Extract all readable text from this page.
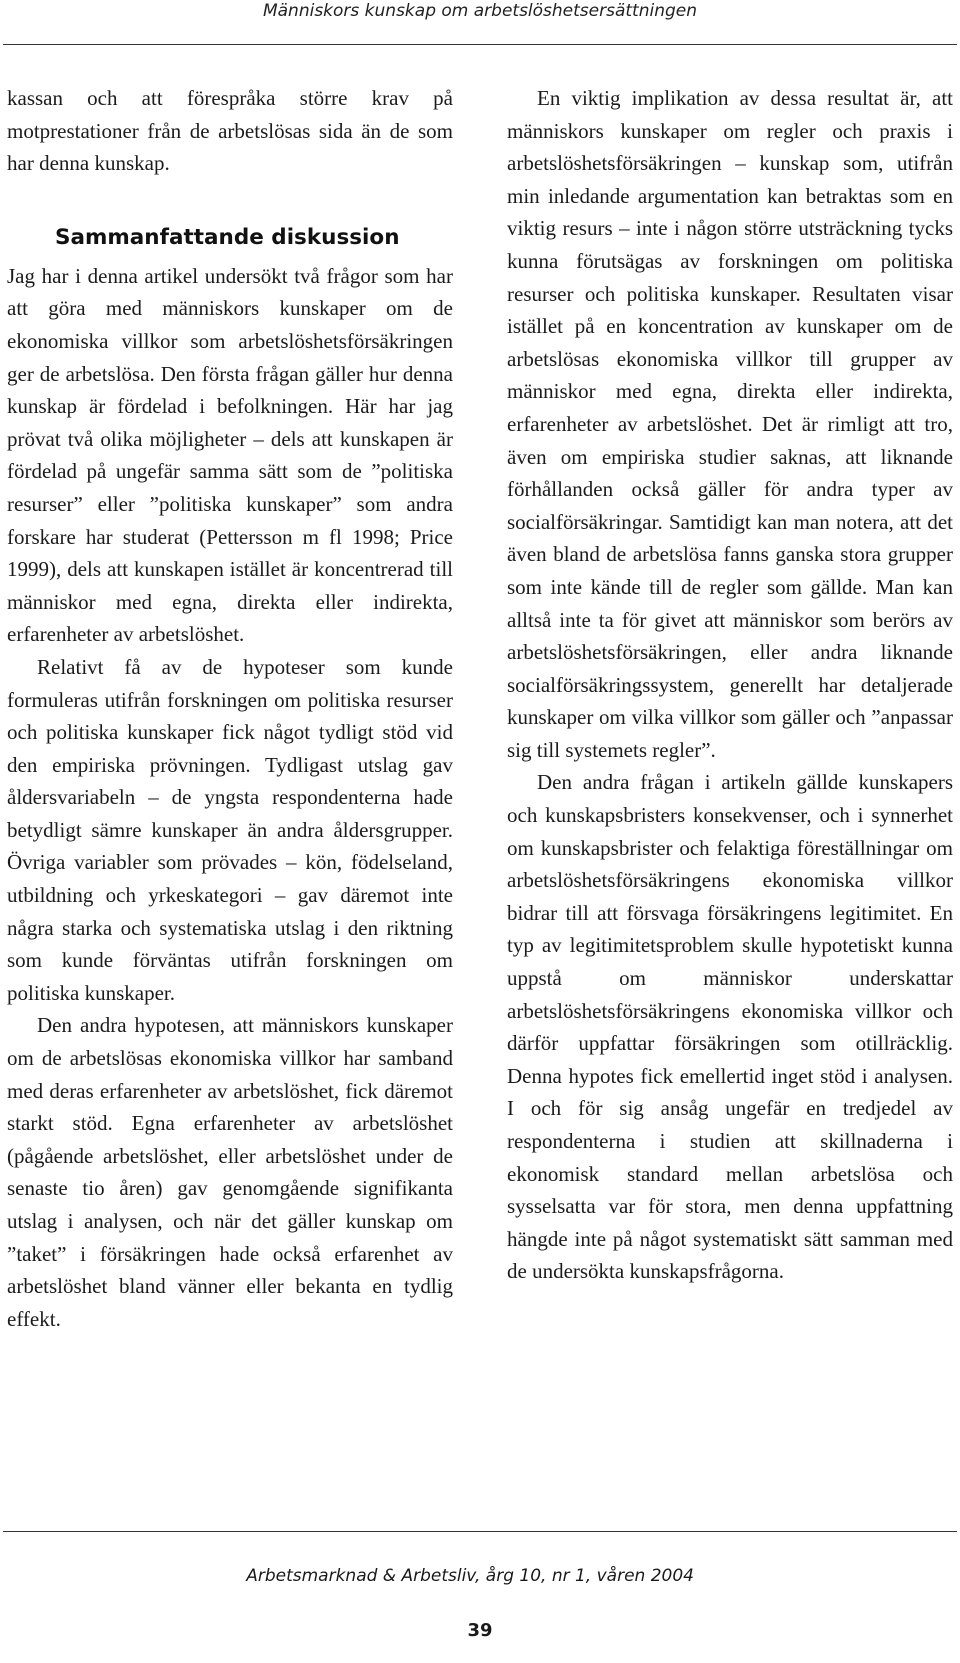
Människors kunskap om arbetslöshetsersättningen

kassan och att förespråka större krav på motprestationer från de arbetslösas sida än de som har denna kunskap.

Sammanfattande diskussion

Jag har i denna artikel undersökt två frågor som har att göra med människors kunskaper om de ekonomiska villkor som arbetslöshetsförsäkringen ger de arbetslösa. Den första frågan gäller hur denna kunskap är fördelad i befolkningen. Här har jag prövat två olika möjligheter – dels att kunskapen är fördelad på ungefär samma sätt som de ”politiska resurser” eller ”politiska kunskaper” som andra forskare har studerat (Pettersson m fl 1998; Price 1999), dels att kunskapen istället är koncentrerad till människor med egna, direkta eller indirekta, erfarenheter av arbetslöshet.

Relativt få av de hypoteser som kunde formuleras utifrån forskningen om politiska resurser och politiska kunskaper fick något tydligt stöd vid den empiriska prövningen. Tydligast utslag gav åldersvariabeln – de yngsta respondenterna hade betydligt sämre kunskaper än andra åldersgrupper. Övriga variabler som prövades – kön, födelseland, utbildning och yrkeskategori – gav däremot inte några starka och systematiska utslag i den riktning som kunde förväntas utifrån forskningen om politiska kunskaper.

Den andra hypotesen, att människors kunskaper om de arbetslösas ekonomiska villkor har samband med deras erfarenheter av arbetslöshet, fick däremot starkt stöd. Egna erfarenheter av arbetslöshet (pågående arbetslöshet, eller arbetslöshet under de senaste tio åren) gav genomgående signifikanta utslag i analysen, och när det gäller kunskap om ”taket” i försäkringen hade också erfarenhet av arbetslöshet bland vänner eller bekanta en tydlig effekt.

En viktig implikation av dessa resultat är, att människors kunskaper om regler och praxis i arbetslöshetsförsäkringen – kunskap som, utifrån min inledande argumentation kan betraktas som en viktig resurs – inte i någon större utsträckning tycks kunna förutsägas av forskningen om politiska resurser och politiska kunskaper. Resultaten visar istället på en koncentration av kunskaper om de arbetslösas ekonomiska villkor till grupper av människor med egna, direkta eller indirekta, erfarenheter av arbetslöshet. Det är rimligt att tro, även om empiriska studier saknas, att liknande förhållanden också gäller för andra typer av socialförsäkringar. Samtidigt kan man notera, att det även bland de arbetslösa fanns ganska stora grupper som inte kände till de regler som gällde. Man kan alltså inte ta för givet att människor som berörs av arbetslöshetsförsäkringen, eller andra liknande socialförsäkringssystem, generellt har detaljerade kunskaper om vilka villkor som gäller och ”anpassar sig till systemets regler”.

Den andra frågan i artikeln gällde kunskapers och kunskapsbristers konsekvenser, och i synnerhet om kunskapsbrister och felaktiga föreställningar om arbetslöshetsförsäkringens ekonomiska villkor bidrar till att försvaga försäkringens legitimitet. En typ av legitimitetsproblem skulle hypotetiskt kunna uppstå om människor underskattar arbetslöshetsförsäkringens ekonomiska villkor och därför uppfattar försäkringen som otillräcklig. Denna hypotes fick emellertid inget stöd i analysen. I och för sig ansåg ungefär en tredjedel av respondenterna i studien att skillnaderna i ekonomisk standard mellan arbetslösa och sysselsatta var för stora, men denna uppfattning hängde inte på något systematiskt sätt samman med de undersökta kunskapsfrågorna.

Arbetsmarknad & Arbetsliv, årg 10, nr 1, våren 2004
39
